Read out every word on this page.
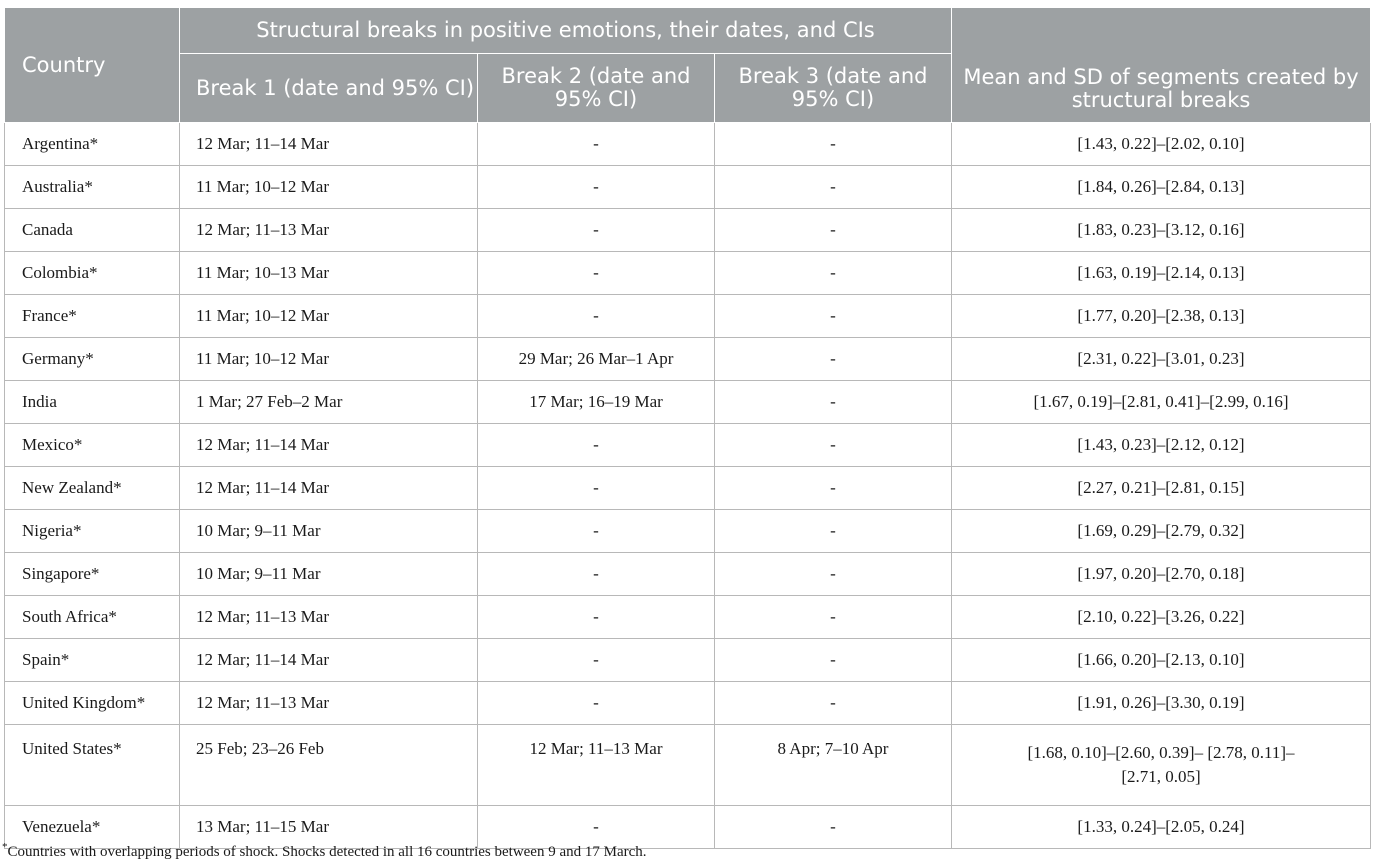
Country	Structural breaks in positive emotions, their dates, and CIs			Mean and SD of segments created by structural breaks
	Break 1 (date and 95% CI)	Break 2 (date and 95% CI)	Break 3 (date and 95% CI)	
Argentina*	12 Mar; 11–14 Mar	-	-	[1.43, 0.22]–[2.02, 0.10]
Australia*	11 Mar; 10–12 Mar	-	-	[1.84, 0.26]–[2.84, 0.13]
Canada	12 Mar; 11–13 Mar	-	-	[1.83, 0.23]–[3.12, 0.16]
Colombia*	11 Mar; 10–13 Mar	-	-	[1.63, 0.19]–[2.14, 0.13]
France*	11 Mar; 10–12 Mar	-	-	[1.77, 0.20]–[2.38, 0.13]
Germany*	11 Mar; 10–12 Mar	29 Mar; 26 Mar–1 Apr	-	[2.31, 0.22]–[3.01, 0.23]
India	1 Mar; 27 Feb–2 Mar	17 Mar; 16–19 Mar	-	[1.67, 0.19]–[2.81, 0.41]–[2.99, 0.16]
Mexico*	12 Mar; 11–14 Mar	-	-	[1.43, 0.23]–[2.12, 0.12]
New Zealand*	12 Mar; 11–14 Mar	-	-	[2.27, 0.21]–[2.81, 0.15]
Nigeria*	10 Mar; 9–11 Mar	-	-	[1.69, 0.29]–[2.79, 0.32]
Singapore*	10 Mar; 9–11 Mar	-	-	[1.97, 0.20]–[2.70, 0.18]
South Africa*	12 Mar; 11–13 Mar	-	-	[2.10, 0.22]–[3.26, 0.22]
Spain*	12 Mar; 11–14 Mar	-	-	[1.66, 0.20]–[2.13, 0.10]
United Kingdom*	12 Mar; 11–13 Mar	-	-	[1.91, 0.26]–[3.30, 0.19]
United States*	25 Feb; 23–26 Feb	12 Mar; 11–13 Mar	8 Apr; 7–10 Apr	[1.68, 0.10]–[2.60, 0.39]– [2.78, 0.11]–
[2.71, 0.05]
Venezuela*	13 Mar; 11–15 Mar	-	-	[1.33, 0.24]–[2.05, 0.24]
*Countries with overlapping periods of shock. Shocks detected in all 16 countries between 9 and 17 March.
